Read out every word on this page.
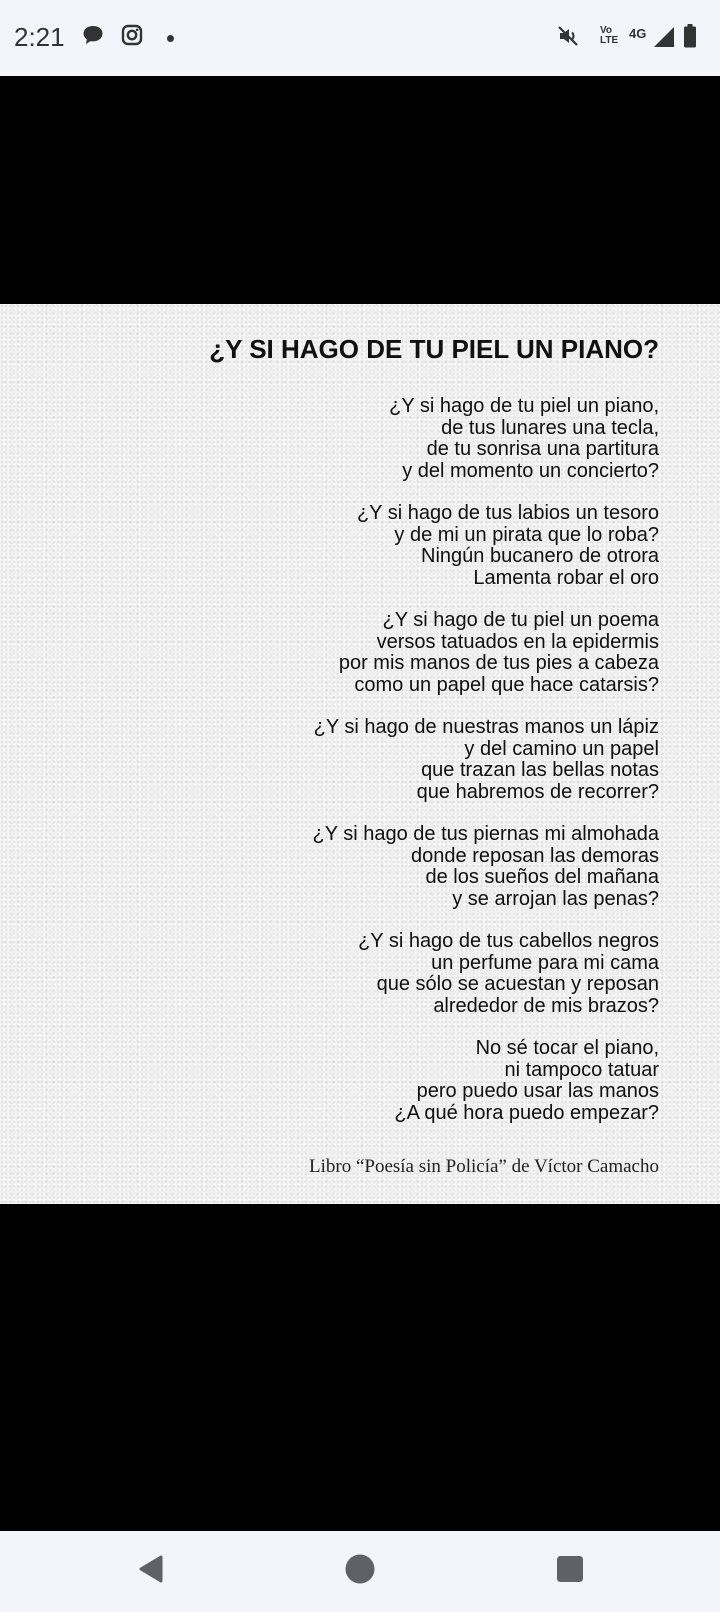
2:21	Vo
LTE 4G
¿Y SI HAGO DE TU PIEL UN PIANO?
¿Y si hago de tu piel un piano,
de tus lunares una tecla,
de tu sonrisa una partitura
y del momento un concierto?
¿Y si hago de tus labios un tesoro
y de mi un pirata que lo roba?
Ningún bucanero de otrora
Lamenta robar el oro
¿Y si hago de tu piel un poema
versos tatuados en la epidermis
por mis manos de tus pies a cabeza
como un papel que hace catarsis?
¿Y si hago de nuestras manos un lápiz
y del camino un papel
que trazan las bellas notas
que habremos de recorrer?
¿Y si hago de tus piernas mi almohada
donde reposan las demoras
de los sueños del mañana
y se arrojan las penas?
¿Y si hago de tus cabellos negros
un perfume para mi cama
que sólo se acuestan y reposan
alrededor de mis brazos?
No sé tocar el piano,
ni tampoco tatuar
pero puedo usar las manos
¿A qué hora puedo empezar?
Libro “Poesía sin Policía” de Víctor Camacho
